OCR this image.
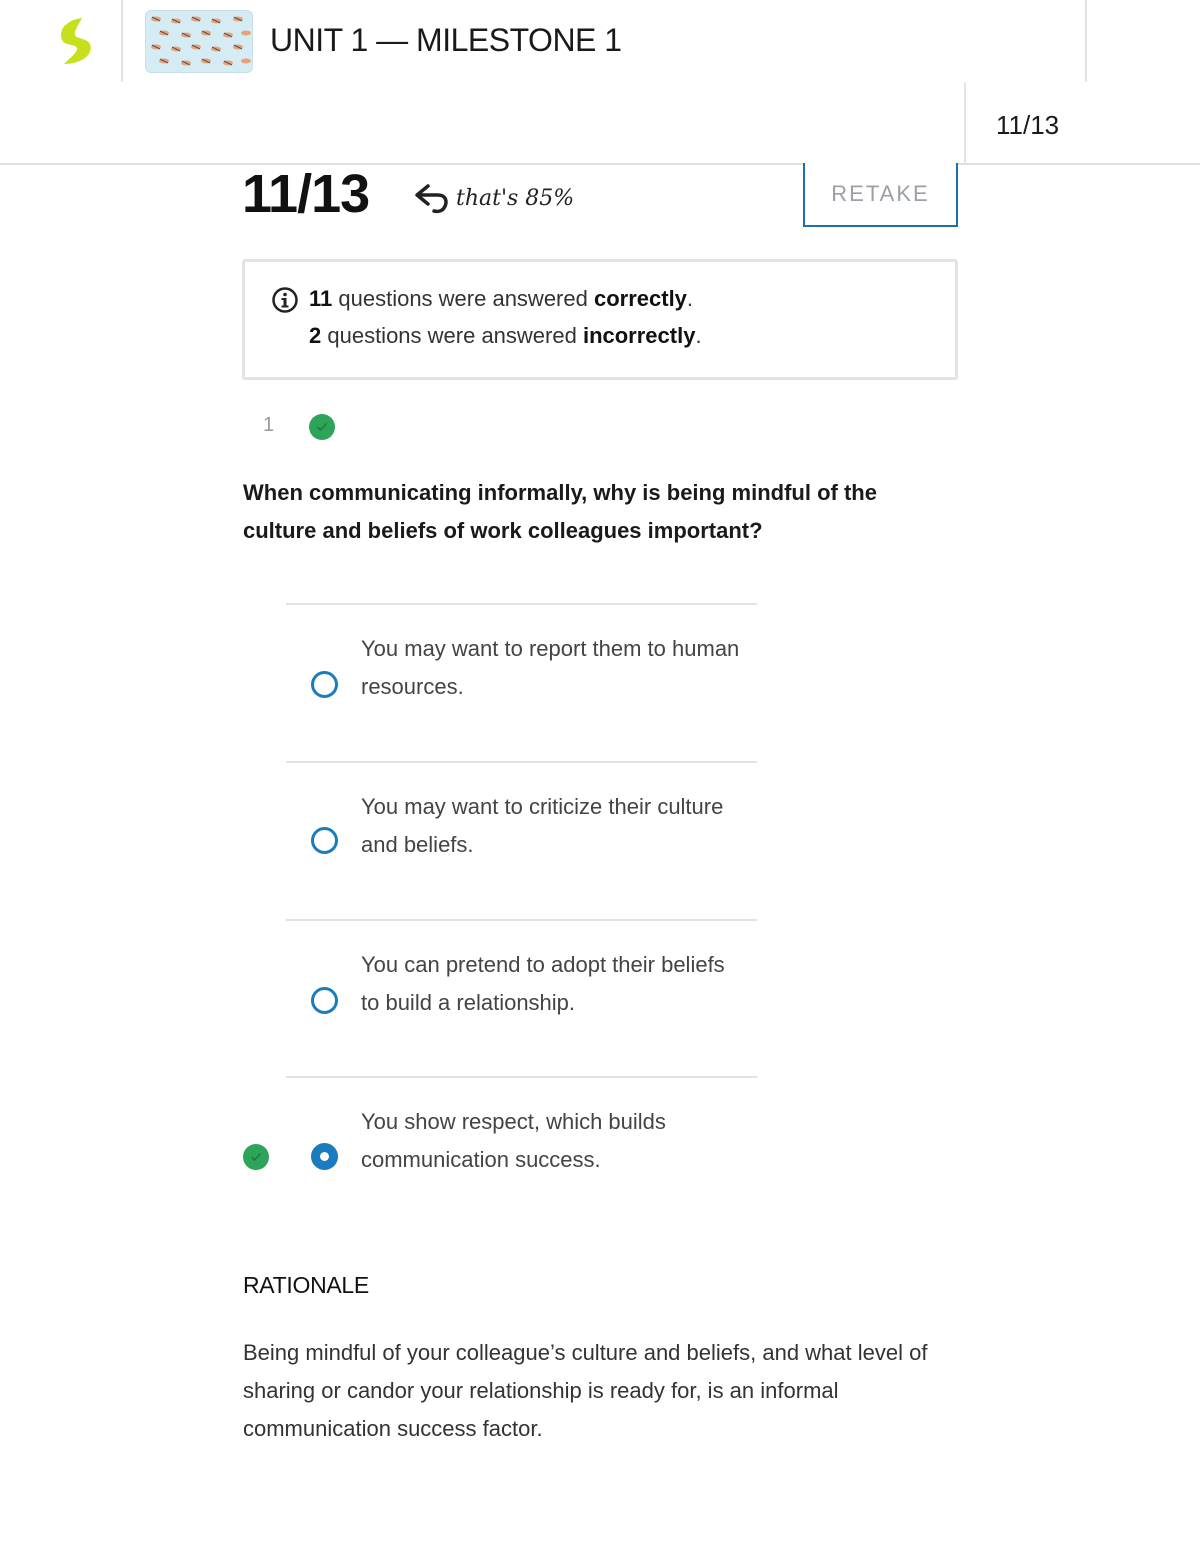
UNIT 1 — MILESTONE 1
11/13
11/13	that's 85%	RETAKE
11 questions were answered correctly.
2 questions were answered incorrectly.
1
When communicating informally, why is being mindful of the culture and beliefs of work colleagues important?
You may want to report them to human resources.
You may want to criticize their culture and beliefs.
You can pretend to adopt their beliefs to build a relationship.
You show respect, which builds communication success.
RATIONALE
Being mindful of your colleague’s culture and beliefs, and what level of sharing or candor your relationship is ready for, is an informal communication success factor.
